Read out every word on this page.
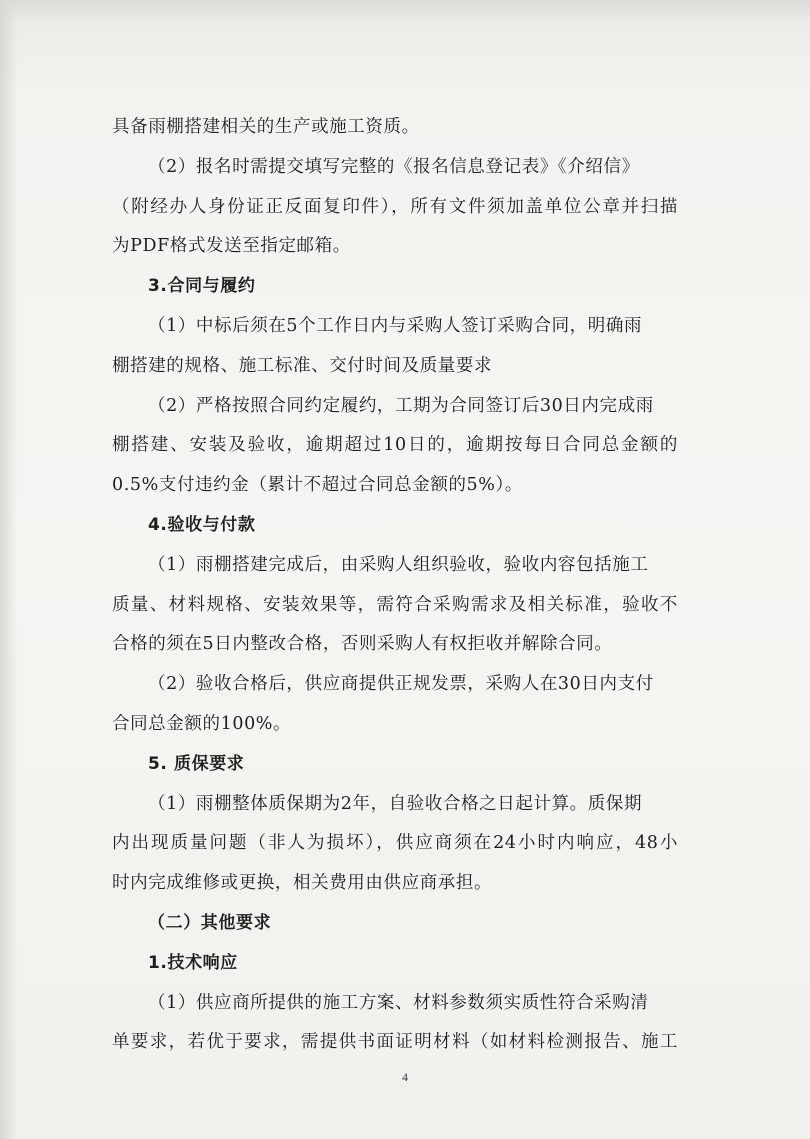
具备雨棚搭建相关的生产或施工资质。
（2）报名时需提交填写完整的《报名信息登记表》《介绍信》
（附经办人身份证正反面复印件），所有文件须加盖单位公章并扫描
为PDF格式发送至指定邮箱。
3.合同与履约
（1）中标后须在5个工作日内与采购人签订采购合同，明确雨
棚搭建的规格、施工标准、交付时间及质量要求
（2）严格按照合同约定履约，工期为合同签订后30日内完成雨
棚搭建、安装及验收，逾期超过10日的，逾期按每日合同总金额的
0.5%支付违约金（累计不超过合同总金额的5%）。
4.验收与付款
（1）雨棚搭建完成后，由采购人组织验收，验收内容包括施工
质量、材料规格、安装效果等，需符合采购需求及相关标准，验收不
合格的须在5日内整改合格，否则采购人有权拒收并解除合同。
（2）验收合格后，供应商提供正规发票，采购人在30日内支付
合同总金额的100%。
5. 质保要求
（1）雨棚整体质保期为2年，自验收合格之日起计算。质保期
内出现质量问题（非人为损坏），供应商须在24小时内响应，48小
时内完成维修或更换，相关费用由供应商承担。
（二）其他要求
1.技术响应
（1）供应商所提供的施工方案、材料参数须实质性符合采购清
单要求，若优于要求，需提供书面证明材料（如材料检测报告、施工
4
